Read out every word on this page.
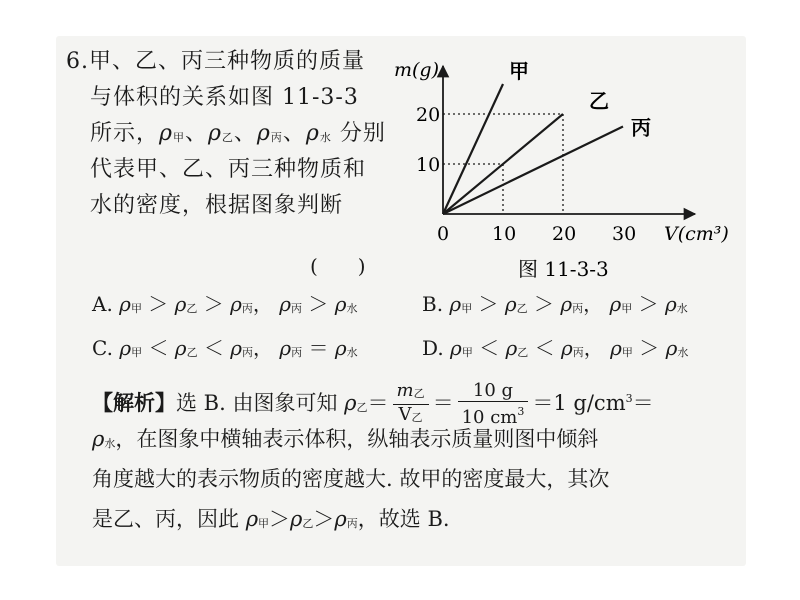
6.甲、乙、丙三种物质的质量
与体积的关系如图 11-3-3
所示，ρ甲、ρ乙、ρ丙、ρ水 分别
代表甲、乙、丙三种物质和
水的密度，根据图象判断
(　　)
m(g)
V(cm³)
0 10 20 30
10
20
甲
乙
丙
图 11-3-3
A. ρ甲 ＞ ρ乙 ＞ ρ丙， ρ丙 ＞ ρ水	B. ρ甲 ＞ ρ乙 ＞ ρ丙， ρ甲 ＞ ρ水
C. ρ甲 ＜ ρ乙 ＜ ρ丙， ρ丙 ＝ ρ水	D. ρ甲 ＜ ρ乙 ＜ ρ丙， ρ甲 ＞ ρ水
【解析】选 B. 由图象可知 ρ乙＝ $\frac{\text{m乙}}{\text{V乙}} = \frac{10 g}{10 cm^3} =1$ $g/cm^3=$
ρ水，在图象中横轴表示体积，纵轴表示质量则图中倾斜
角度越大的表示物质的密度越大. 故甲的密度最大，其次
是乙、丙，因此 ρ甲＞ρ乙＞ρ丙，故选 B.
